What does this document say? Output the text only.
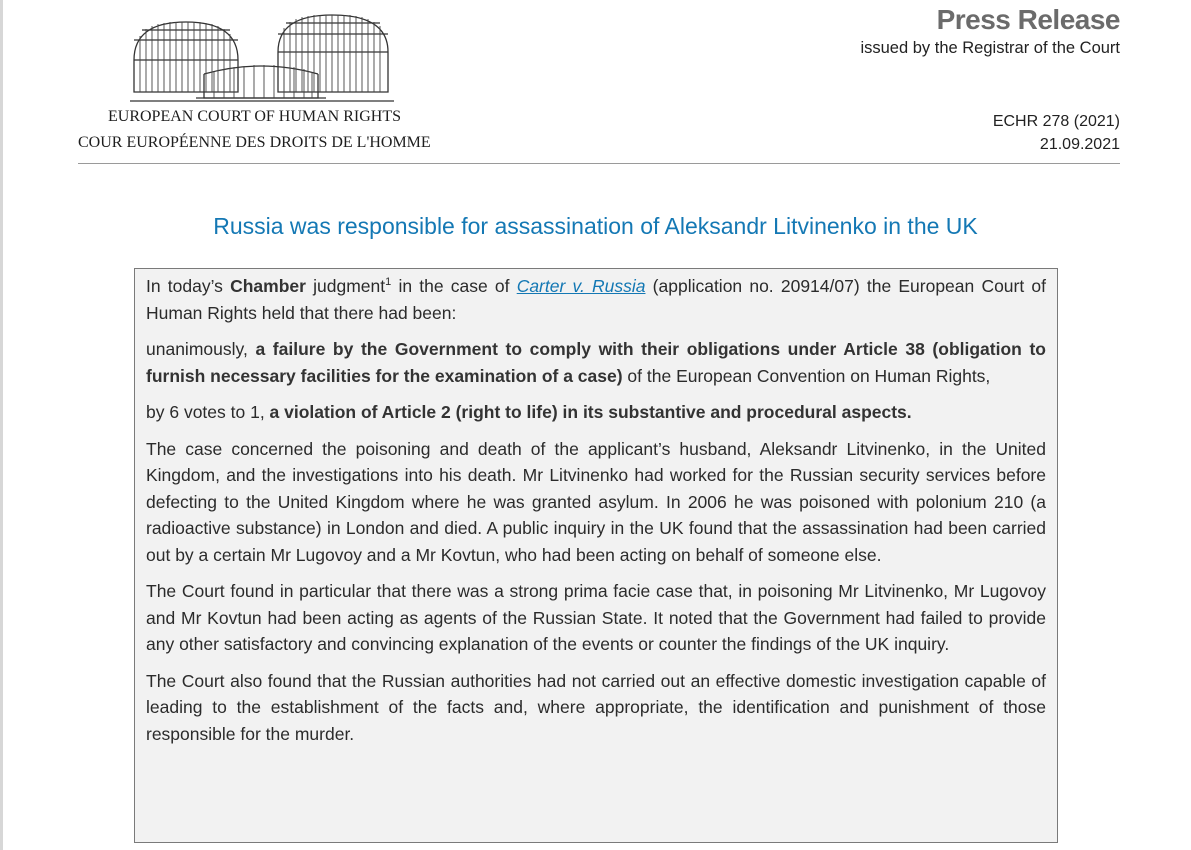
EUROPEAN COURT OF HUMAN RIGHTS
COUR EUROPÉENNE DES DROITS DE L'HOMME
Press Release
issued by the Registrar of the Court
ECHR 278 (2021)
21.09.2021
Russia was responsible for assassination of Aleksandr Litvinenko in the UK

In today’s Chamber judgment$^1$ in the case of Carter v. Russia (application no. 20914/07) the European Court of Human Rights held that there had been:

unanimously, a failure by the Government to comply with their obligations under Article 38 (obligation to furnish necessary facilities for the examination of a case) of the European Convention on Human Rights,

by 6 votes to 1, a violation of Article 2 (right to life) in its substantive and procedural aspects.

The case concerned the poisoning and death of the applicant’s husband, Aleksandr Litvinenko, in the United Kingdom, and the investigations into his death. Mr Litvinenko had worked for the Russian security services before defecting to the United Kingdom where he was granted asylum. In 2006 he was poisoned with polonium 210 (a radioactive substance) in London and died. A public inquiry in the UK found that the assassination had been carried out by a certain Mr Lugovoy and a Mr Kovtun, who had been acting on behalf of someone else.

The Court found in particular that there was a strong prima facie case that, in poisoning Mr Litvinenko, Mr Lugovoy and Mr Kovtun had been acting as agents of the Russian State. It noted that the Government had failed to provide any other satisfactory and convincing explanation of the events or counter the findings of the UK inquiry.

The Court also found that the Russian authorities had not carried out an effective domestic investigation capable of leading to the establishment of the facts and, where appropriate, the identification and punishment of those responsible for the murder.
